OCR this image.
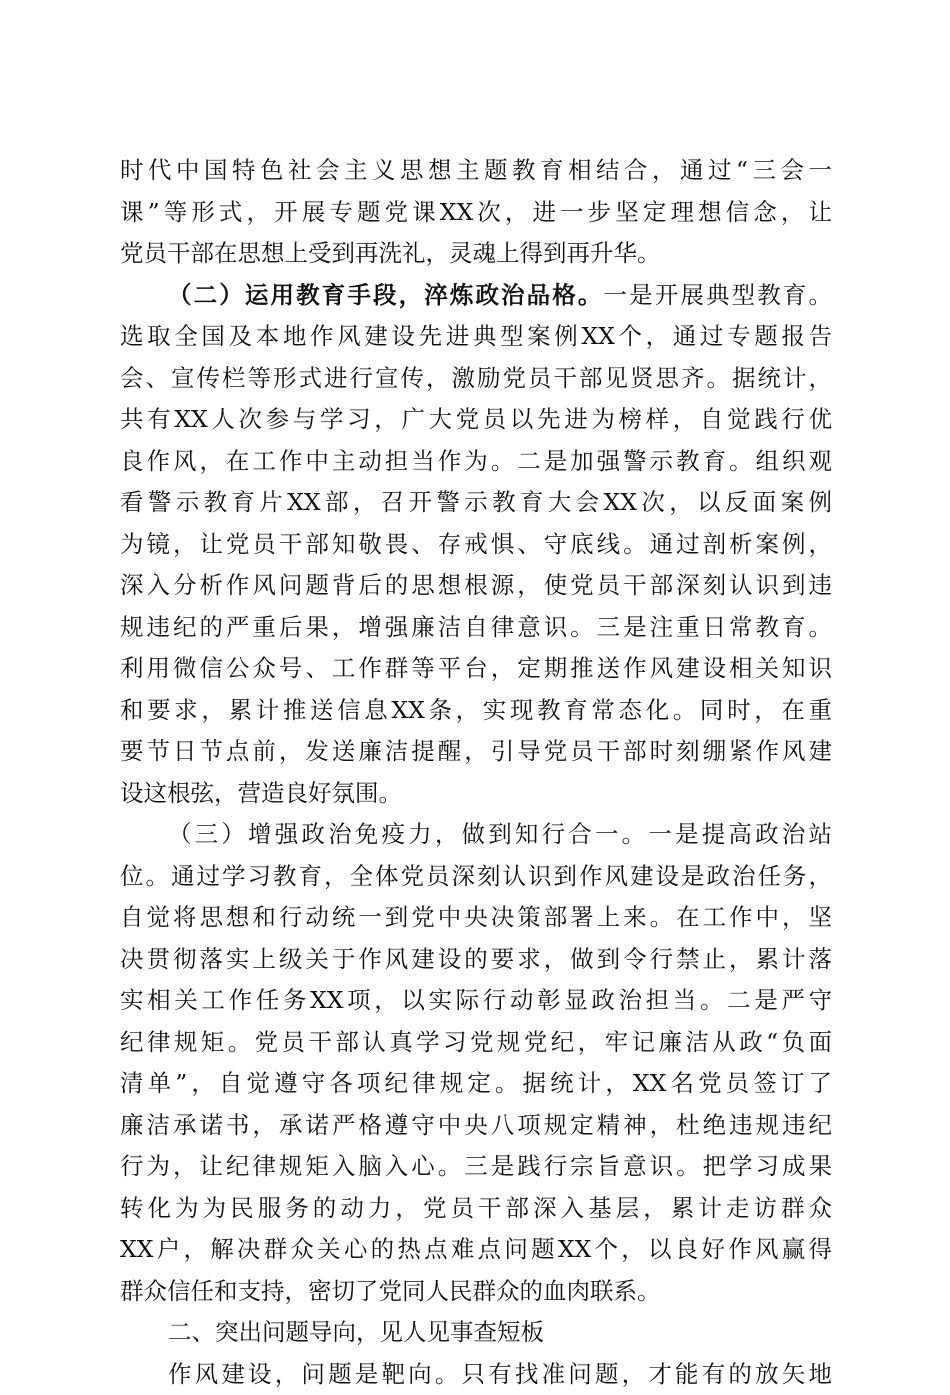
时代中国特色社会主义思想主题教育相结合，通过“三会一
课”等形式，开展专题党课XX次，进一步坚定理想信念，让
党员干部在思想上受到再洗礼，灵魂上得到再升华。
（二）运用教育手段，淬炼政治品格。一是开展典型教育。
选取全国及本地作风建设先进典型案例XX个，通过专题报告
会、宣传栏等形式进行宣传，激励党员干部见贤思齐。据统计，
共有XX人次参与学习，广大党员以先进为榜样，自觉践行优
良作风，在工作中主动担当作为。二是加强警示教育。组织观
看警示教育片XX部，召开警示教育大会XX次，以反面案例
为镜，让党员干部知敬畏、存戒惧、守底线。通过剖析案例，
深入分析作风问题背后的思想根源，使党员干部深刻认识到违
规违纪的严重后果，增强廉洁自律意识。三是注重日常教育。
利用微信公众号、工作群等平台，定期推送作风建设相关知识
和要求，累计推送信息XX条，实现教育常态化。同时，在重
要节日节点前，发送廉洁提醒，引导党员干部时刻绷紧作风建
设这根弦，营造良好氛围。
（三）增强政治免疫力，做到知行合一。一是提高政治站
位。通过学习教育，全体党员深刻认识到作风建设是政治任务，
自觉将思想和行动统一到党中央决策部署上来。在工作中，坚
决贯彻落实上级关于作风建设的要求，做到令行禁止，累计落
实相关工作任务XX项，以实际行动彰显政治担当。二是严守
纪律规矩。党员干部认真学习党规党纪，牢记廉洁从政“负面
清单”，自觉遵守各项纪律规定。据统计，XX名党员签订了
廉洁承诺书，承诺严格遵守中央八项规定精神，杜绝违规违纪
行为，让纪律规矩入脑入心。三是践行宗旨意识。把学习成果
转化为为民服务的动力，党员干部深入基层，累计走访群众
XX户，解决群众关心的热点难点问题XX个，以良好作风赢得
群众信任和支持，密切了党同人民群众的血肉联系。
二、突出问题导向，见人见事查短板
作风建设，问题是靶向。只有找准问题，才能有的放矢地
